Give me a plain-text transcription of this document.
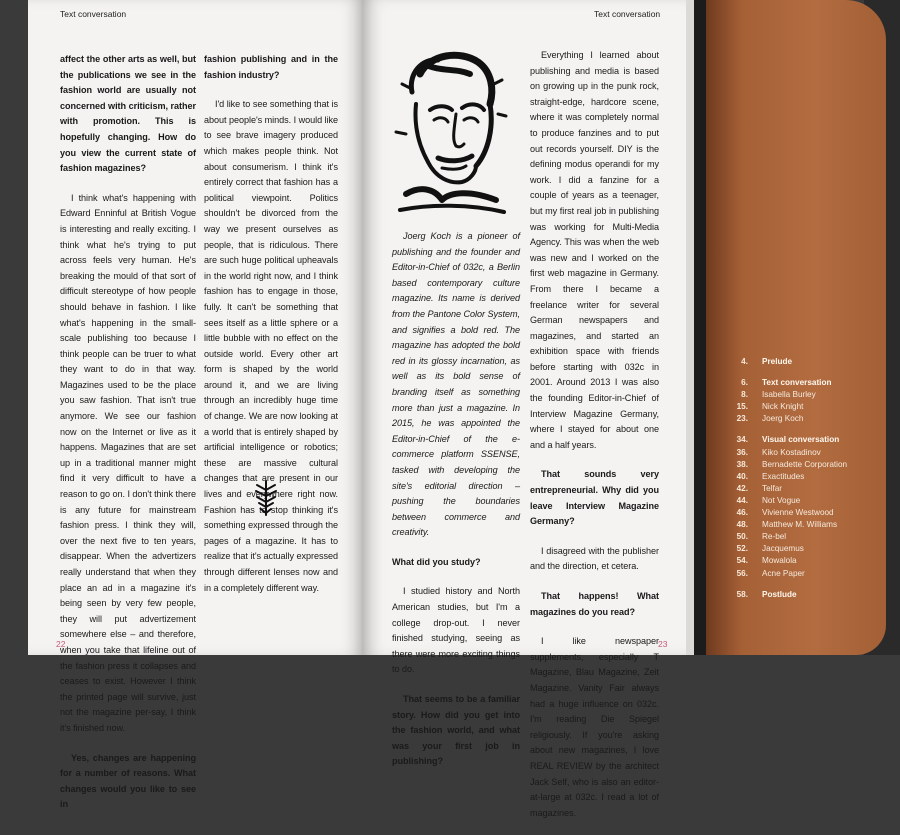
Text conversation

affect the other arts as well, but the publications we see in the fashion world are usually not concerned with criticism, rather with promotion. This is hopefully changing. How do you view the current state of fashion magazines?

I think what's happening with Edward Enninful at British Vogue is interesting and really exciting. I think what he's trying to put across feels very human. He's breaking the mould of that sort of difficult stereotype of how people should behave in fashion. I like what's happening in the small-scale publishing too because I think people can be truer to what they want to do in that way. Magazines used to be the place you saw fashion. That isn't true anymore. We see our fashion now on the Internet or live as it happens. Magazines that are set up in a traditional manner might find it very difficult to have a reason to go on. I don't think there is any future for mainstream fashion press. I think they will, over the next five to ten years, disappear. When the advertizers really understand that when they place an ad in a magazine it's being seen by very few people, they will put advertizement somewhere else – and therefore, when you take that lifeline out of the fashion press it collapses and ceases to exist. However I think the printed page will survive, just not the magazine per-say, I think it's finished now.

Yes, changes are happening for a number of reasons. What changes would you like to see in

fashion publishing and in the fashion industry?

I'd like to see something that is about people's minds. I would like to see brave imagery produced which makes people think. Not about consumerism. I think it's entirely correct that fashion has a political viewpoint. Politics shouldn't be divorced from the way we present ourselves as people, that is ridiculous. There are such huge political upheavals in the world right now, and I think fashion has to engage in those, fully. It can't be something that sees itself as a little sphere or a little bubble with no effect on the outside world. Every other art form is shaped by the world around it, and we are living through an incredibly huge time of change. We are now looking at a world that is entirely shaped by artificial intelligence or robotics; these are massive cultural changes that are present in our lives and everywhere right now. Fashion has to stop thinking it's something expressed through the pages of a magazine. It has to realize that it's actually expressed through different lenses now and in a completely different way.

22
Text conversation

Joerg Koch is a pioneer of publishing and the founder and Editor-in-Chief of 032c, a Berlin based contemporary culture magazine. Its name is derived from the Pantone Color System, and signifies a bold red. The magazine has adopted the bold red in its glossy incarnation, as well as its bold sense of branding itself as something more than just a magazine. In 2015, he was appointed the Editor-in-Chief of the e-commerce platform SSENSE, tasked with developing the site's editorial direction – pushing the boundaries between commerce and creativity.

What did you study?

I studied history and North American studies, but I'm a college drop-out. I never finished studying, seeing as there were more exciting things to do.

That seems to be a familiar story. How did you get into the fashion world, and what was your first job in publishing?

Everything I learned about publishing and media is based on growing up in the punk rock, straight-edge, hardcore scene, where it was completely normal to produce fanzines and to put out records yourself. DIY is the defining modus operandi for my work. I did a fanzine for a couple of years as a teenager, but my first real job in publishing was working for Multi-Media Agency. This was when the web was new and I worked on the first web magazine in Germany. From there I became a freelance writer for several German newspapers and magazines, and started an exhibition space with friends before starting with 032c in 2001. Around 2013 I was also the founding Editor-in-Chief of Interview Magazine Germany, where I stayed for about one and a half years.

That sounds very entrepreneurial. Why did you leave Interview Magazine Germany?

I disagreed with the publisher and the direction, et cetera.

That happens! What magazines do you read?

I like newspaper supplements, especially T Magazine, Blau Magazine, Zeit Magazine. Vanity Fair always had a huge influence on 032c. I'm reading Die Spiegel religiously. If you're asking about new magazines, I love REAL REVIEW by the architect Jack Self, who is also an editor-at-large at 032c. I read a lot of magazines.

23
4.	Prelude
6.	Text conversation
8.	Isabella Burley
15.	Nick Knight
23.	Joerg Koch
34.	Visual conversation
36.	Kiko Kostadinov
38.	Bernadette Corporation
40.	Exactitudes
42.	Telfar
44.	Not Vogue
46.	Vivienne Westwood
48.	Matthew M. Williams
50.	Re-bel
52.	Jacquemus
54.	Mowalola
56.	Acne Paper
58.	Postlude
